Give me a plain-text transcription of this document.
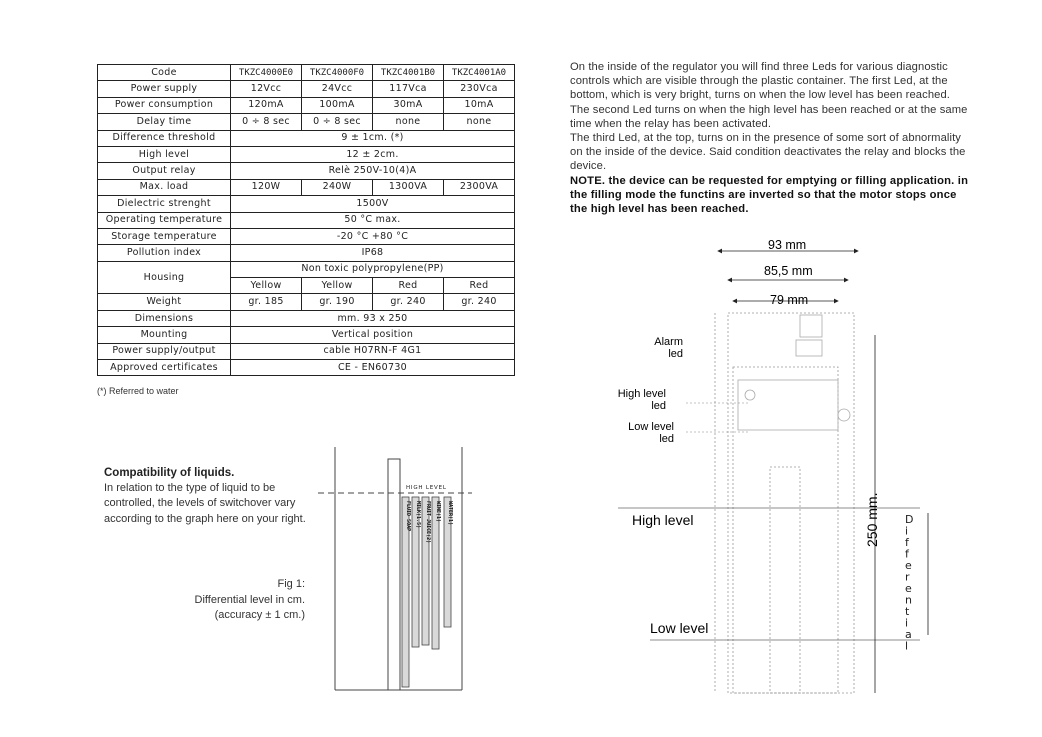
Code	TKZC4000E0	TKZC4000F0	TKZC4001B0	TKZC4001A0
Power supply	12Vcc	24Vcc	117Vca	230Vca
Power consumption	120mA	100mA	30mA	10mA
Delay time	0 ÷ 8 sec	0 ÷ 8 sec	none	none
Difference threshold	9 ± 1cm. (*)			
High level	12 ± 2cm.			
Output relay	Relè 250V-10(4)A			
Max. load	120W	240W	1300VA	2300VA
Dielectric strenght	1500V			
Operating temperature	50 °C max.			
Storage temperature	-20 °C +80 °C			
Pollution index	IP68			
Housing	Non toxic polypropylene(PP)			
	Yellow	Yellow	Red	Red
Weight	gr. 185	gr. 190	gr. 240	gr. 240
Dimensions	mm. 93 x 250			
Mounting	Vertical position			
Power supply/output	cable H07RN-F 4G1			
Approved certificates	CE - EN60730			
(*) Referred to water

On the inside of the regulator you will find three Leds for various diagnostic controls which are visible through the plastic container. The first Led, at the bottom, which is very bright, turns on when the low level has been reached.

The second Led turns on when the high level has been reached or at the same time when the relay has been activated.

The third Led, at the top, turns on in the presence of some sort of abnormality on the inside of the device. Said condition deactivates the relay and blocks the device.

NOTE. the device can be requested for emptying or filling application. in the filling mode the functins are inverted so that the motor stops once the high level has been reached.

Compatibility of liquids.
In relation to the type of liquid to be controlled, the levels of switchover vary according to the graph here on your right.
Fig 1:
Differential level in cm.
(accuracy ± 1 cm.)
HIGH LEVEL
FLUID SOAP MILK(1.5) FRUIT JUICE(2) WINE(1) WATER(1)
93 mm
85,5 mm
79 mm
Alarm led
High level led
Low level led
High level
Low level
250 mm. D i f f e r e n t i a l
